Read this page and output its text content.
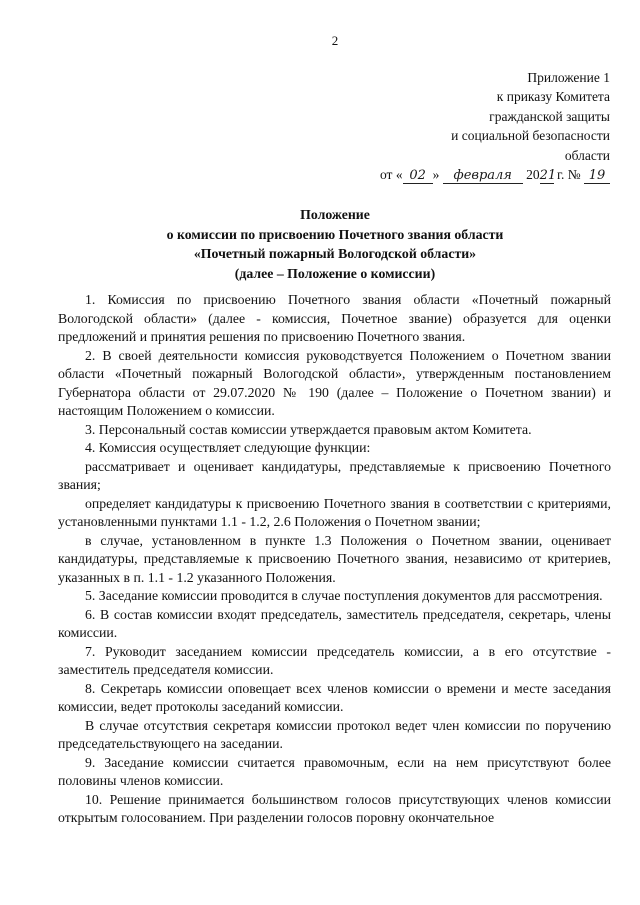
2
Приложение 1
к приказу Комитета
гражданской защиты
и социальной безопасности
области
от « 02 » февраля 2021 г. № 19
Положение
о комиссии по присвоению Почетного звания области
«Почетный пожарный Вологодской области»
(далее – Положение о комиссии)

1. Комиссия по присвоению Почетного звания области «Почетный пожарный Вологодской области» (далее - комиссия, Почетное звание) образуется для оценки предложений и принятия решения по присвоению Почетного звания.

2. В своей деятельности комиссия руководствуется Положением о Почетном звании области «Почетный пожарный Вологодской области», утвержденным постановлением Губернатора области от 29.07.2020 № 190 (далее – Положение о Почетном звании) и настоящим Положением о комиссии.

3. Персональный состав комиссии утверждается правовым актом Комитета.

4. Комиссия осуществляет следующие функции:

рассматривает и оценивает кандидатуры, представляемые к присвоению Почетного звания;

определяет кандидатуры к присвоению Почетного звания в соответствии с критериями, установленными пунктами 1.1 - 1.2, 2.6 Положения о Почетном звании;

в случае, установленном в пункте 1.3 Положения о Почетном звании, оценивает кандидатуры, представляемые к присвоению Почетного звания, независимо от критериев, указанных в п. 1.1 - 1.2 указанного Положения.

5. Заседание комиссии проводится в случае поступления документов для рассмотрения.

6. В состав комиссии входят председатель, заместитель председателя, секретарь, члены комиссии.

7. Руководит заседанием комиссии председатель комиссии, а в его отсутствие - заместитель председателя комиссии.

8. Секретарь комиссии оповещает всех членов комиссии о времени и месте заседания комиссии, ведет протоколы заседаний комиссии.

В случае отсутствия секретаря комиссии протокол ведет член комиссии по поручению председательствующего на заседании.

9. Заседание комиссии считается правомочным, если на нем присутствуют более половины членов комиссии.

10. Решение принимается большинством голосов присутствующих членов комиссии открытым голосованием. При разделении голосов поровну окончательное
